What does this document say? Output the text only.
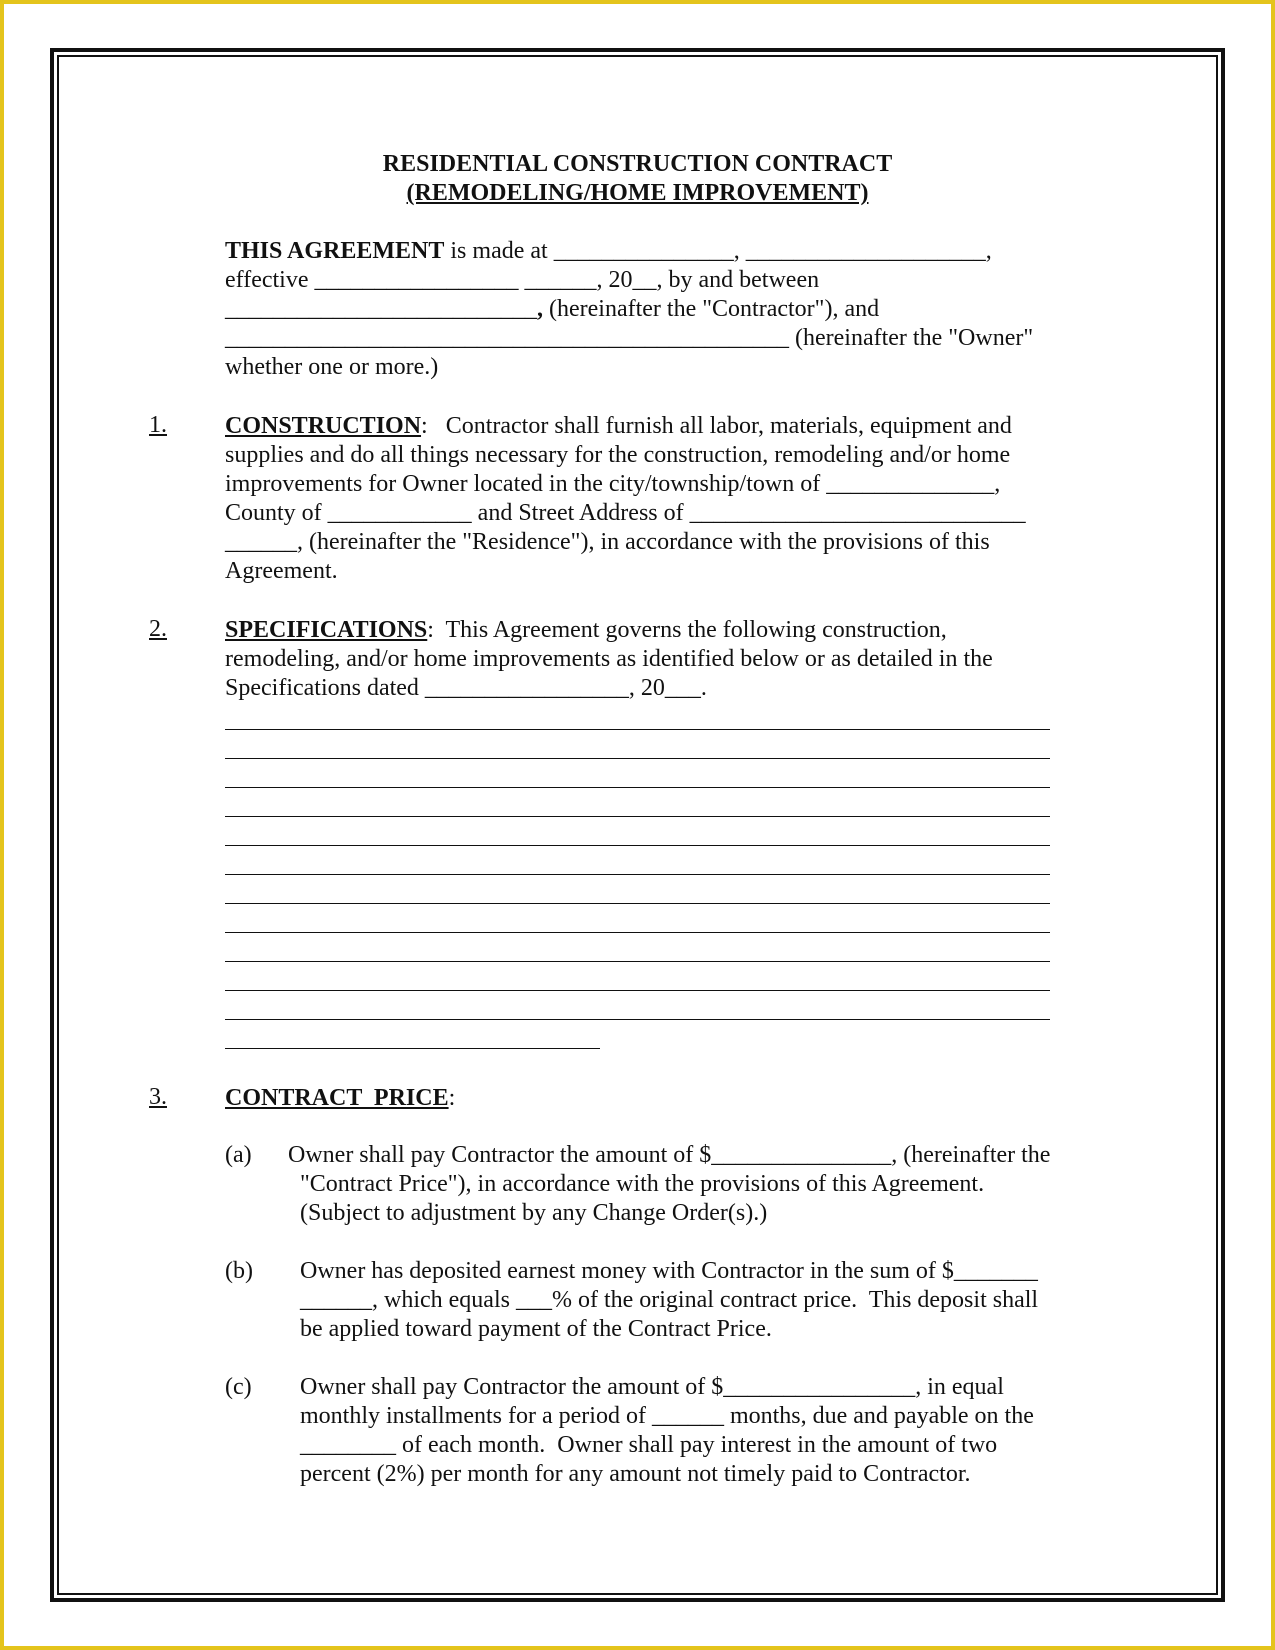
RESIDENTIAL CONSTRUCTION CONTRACT
(REMODELING/HOME IMPROVEMENT)
THIS AGREEMENT is made at _______________, ____________________,
effective _________________ ______, 20__, by and between
__________________________, (hereinafter the "Contractor"), and
_______________________________________________ (hereinafter the "Owner"
whether one or more.)
1. CONSTRUCTION:   Contractor shall furnish all labor, materials, equipment and
supplies and do all things necessary for the construction, remodeling and/or home
improvements for Owner located in the city/township/town of ______________,
County of ____________ and Street Address of ____________________________
______, (hereinafter the "Residence"), in accordance with the provisions of this
Agreement.
2. SPECIFICATIONS:  This Agreement governs the following construction,
remodeling, and/or home improvements as identified below or as detailed in the
Specifications dated _________________, 20___.
3. CONTRACT  PRICE:
(a) Owner shall pay Contractor the amount of $_______________, (hereinafter the
"Contract Price"), in accordance with the provisions of this Agreement.
(Subject to adjustment by any Change Order(s).)
(b) Owner has deposited earnest money with Contractor in the sum of $_______
______, which equals ___% of the original contract price.  This deposit shall
be applied toward payment of the Contract Price.
(c) Owner shall pay Contractor the amount of $________________, in equal
monthly installments for a period of ______ months, due and payable on the
________ of each month.  Owner shall pay interest in the amount of two
percent (2%) per month for any amount not timely paid to Contractor.
